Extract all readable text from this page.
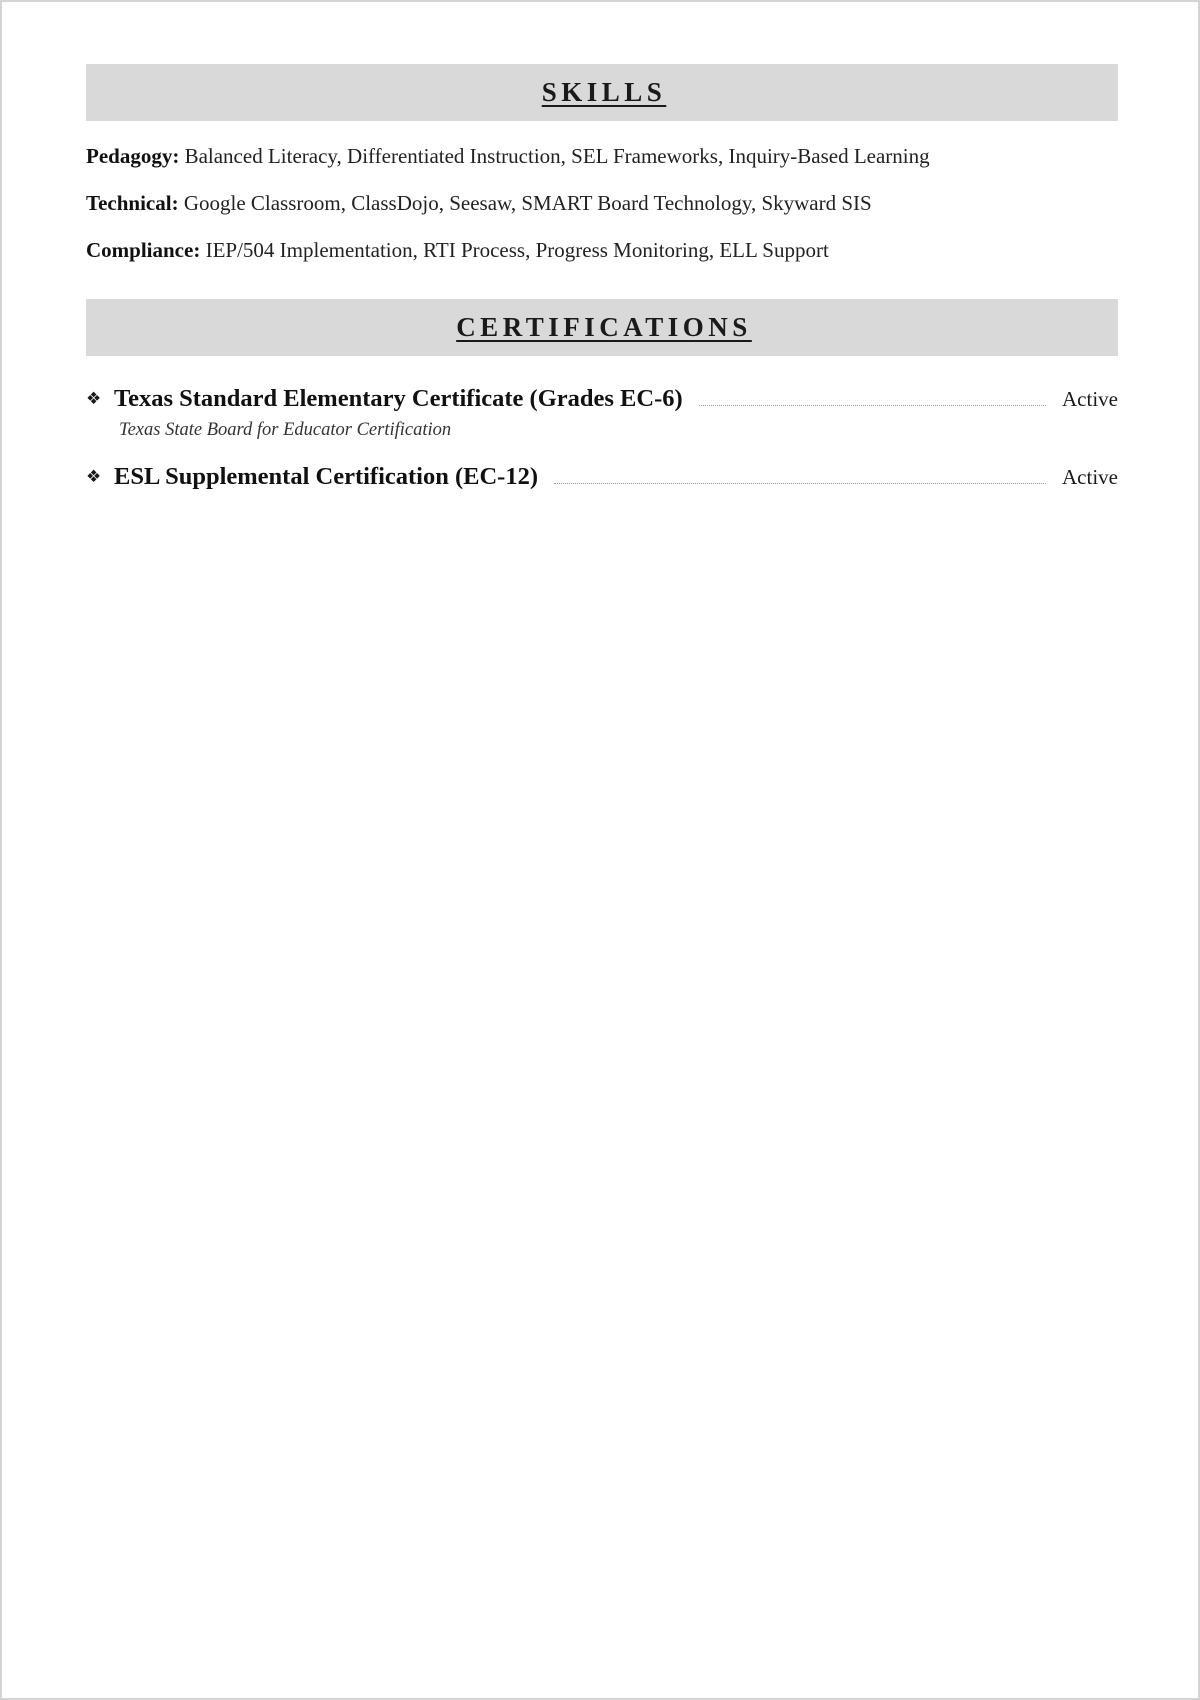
SKILLS
Pedagogy: Balanced Literacy, Differentiated Instruction, SEL Frameworks, Inquiry-Based Learning
Technical: Google Classroom, ClassDojo, Seesaw, SMART Board Technology, Skyward SIS
Compliance: IEP/504 Implementation, RTI Process, Progress Monitoring, ELL Support
CERTIFICATIONS
❖ Texas Standard Elementary Certificate (Grades EC-6)	Active
Texas State Board for Educator Certification
❖ ESL Supplemental Certification (EC-12)	Active
